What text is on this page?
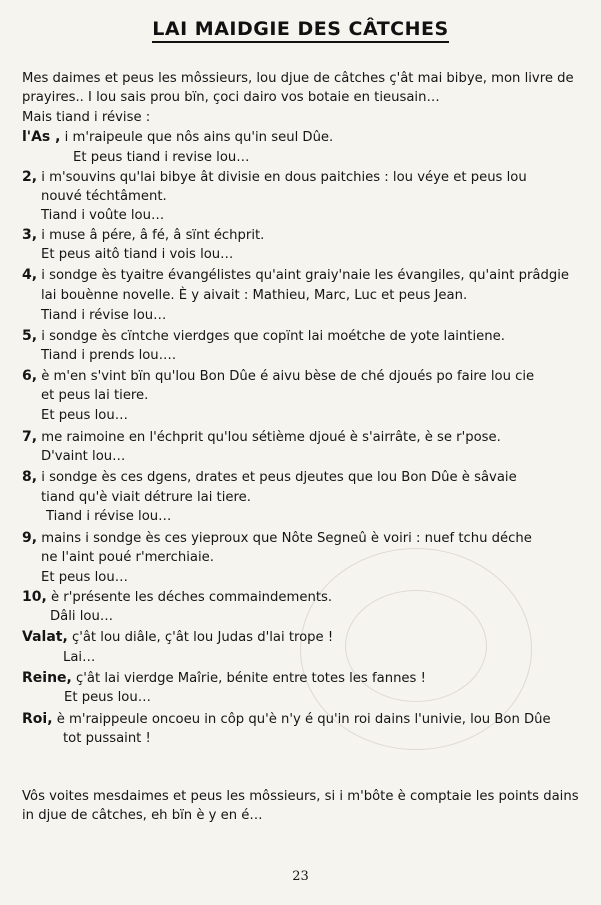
LAI MAIDGIE DES CÂTCHES

Mes daimes et peus les môssieurs, lou djue de câtches ç'ât mai bibye, mon livre de prayires.. I lou sais prou bïn, çoci dairo vos botaie en tieusain…

Mais tiand i révise :
l'As , i m'raipeule que nôs ains qu'in seul Dûe.
Et peus tiand i revise lou…
2, i m'souvins qu'lai bibye ât divisie en dous paitchies : lou véye et peus lou
nouvé téchtâment.
Tiand i voûte lou…
3, i muse â pére, â fé, â sïnt échprit.
Et peus aitô tiand i vois lou…
4, i sondge ès tyaitre évangélistes qu'aint graiy'naie les évangiles, qu'aint prâdgie
lai bouènne novelle. È y aivait : Mathieu, Marc, Luc et peus Jean.
Tiand i révise lou…
5, i sondge ès cïntche vierdges que copïnt lai moétche de yote laintiene.
Tiand i prends lou….
6, è m'en s'vint bïn qu'lou Bon Dûe é aivu bèse de ché djoués po faire lou cie
et peus lai tiere.
Et peus lou…
7, me raimoine en l'échprit qu'lou sétième djoué è s'airrâte, è se r'pose.
D'vaint lou…
8, i sondge ès ces dgens, drates et peus djeutes que lou Bon Dûe è sâvaie
tiand qu'è viait détrure lai tiere.
Tiand i révise lou…
9, mains i sondge ès ces yieproux que Nôte Segneû è voiri : nuef tchu déche
ne l'aint poué r'merchiaie.
Et peus lou…
10, è r'présente les déches commaindements.
Dâli lou…
Valat, ç'ât lou diâle, ç'ât lou Judas d'lai trope !
Lai…
Reine, ç'ât lai vierdge Maîrie, bénite entre totes les fannes !
Et peus lou…
Roi, è m'raippeule oncoeu in côp qu'è n'y é qu'in roi dains l'univie, lou Bon Dûe
tot pussaint !

Vôs voites mesdaimes et peus les môssieurs, si i m'bôte è comptaie les points dains in djue de câtches, eh bïn è y en é…

23
